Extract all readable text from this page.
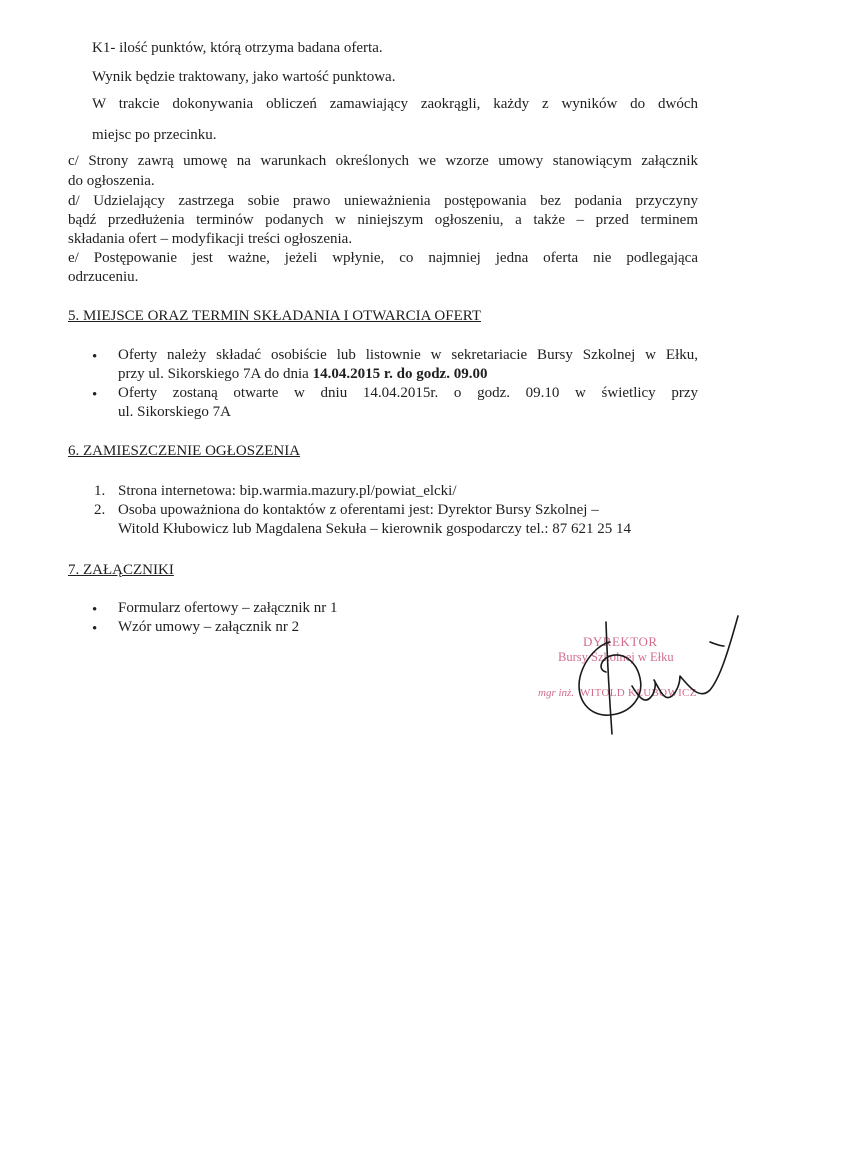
K1- ilość punktów, którą otrzyma badana oferta.
Wynik będzie traktowany, jako wartość punktowa.
W trakcie dokonywania obliczeń zamawiający zaokrągli, każdy z wyników do dwóch
miejsc po przecinku.
c/ Strony zawrą umowę na warunkach określonych we wzorze umowy stanowiącym załącznik
do ogłoszenia.
d/ Udzielający zastrzega sobie prawo unieważnienia postępowania bez podania przyczyny
bądź przedłużenia terminów podanych w niniejszym ogłoszeniu, a także – przed terminem
składania ofert – modyfikacji treści ogłoszenia.
e/ Postępowanie jest ważne, jeżeli wpłynie, co najmniej jedna oferta nie podlegająca
odrzuceniu.
5. MIEJSCE ORAZ TERMIN SKŁADANIA I OTWARCIA OFERT
• Oferty należy składać osobiście lub listownie w sekretariacie Bursy Szkolnej w Ełku,
przy ul. Sikorskiego 7A do dnia 14.04.2015 r. do godz. 09.00
• Oferty zostaną otwarte w dniu 14.04.2015r. o godz. 09.10 w świetlicy przy
ul. Sikorskiego 7A
6. ZAMIESZCZENIE OGŁOSZENIA
1. Strona internetowa: bip.warmia.mazury.pl/powiat_elcki/
2. Osoba upoważniona do kontaktów z oferentami jest: Dyrektor Bursy Szkolnej –
Witold Kłubowicz lub Magdalena Sekuła – kierownik gospodarczy tel.: 87 621 25 14
7. ZAŁĄCZNIKI
• Formularz ofertowy – załącznik nr 1
• Wzór umowy – załącznik nr 2
DYREKTOR
Bursy Szkolnej w Ełku
mgr inż. WITOLD KŁUBOWICZ
